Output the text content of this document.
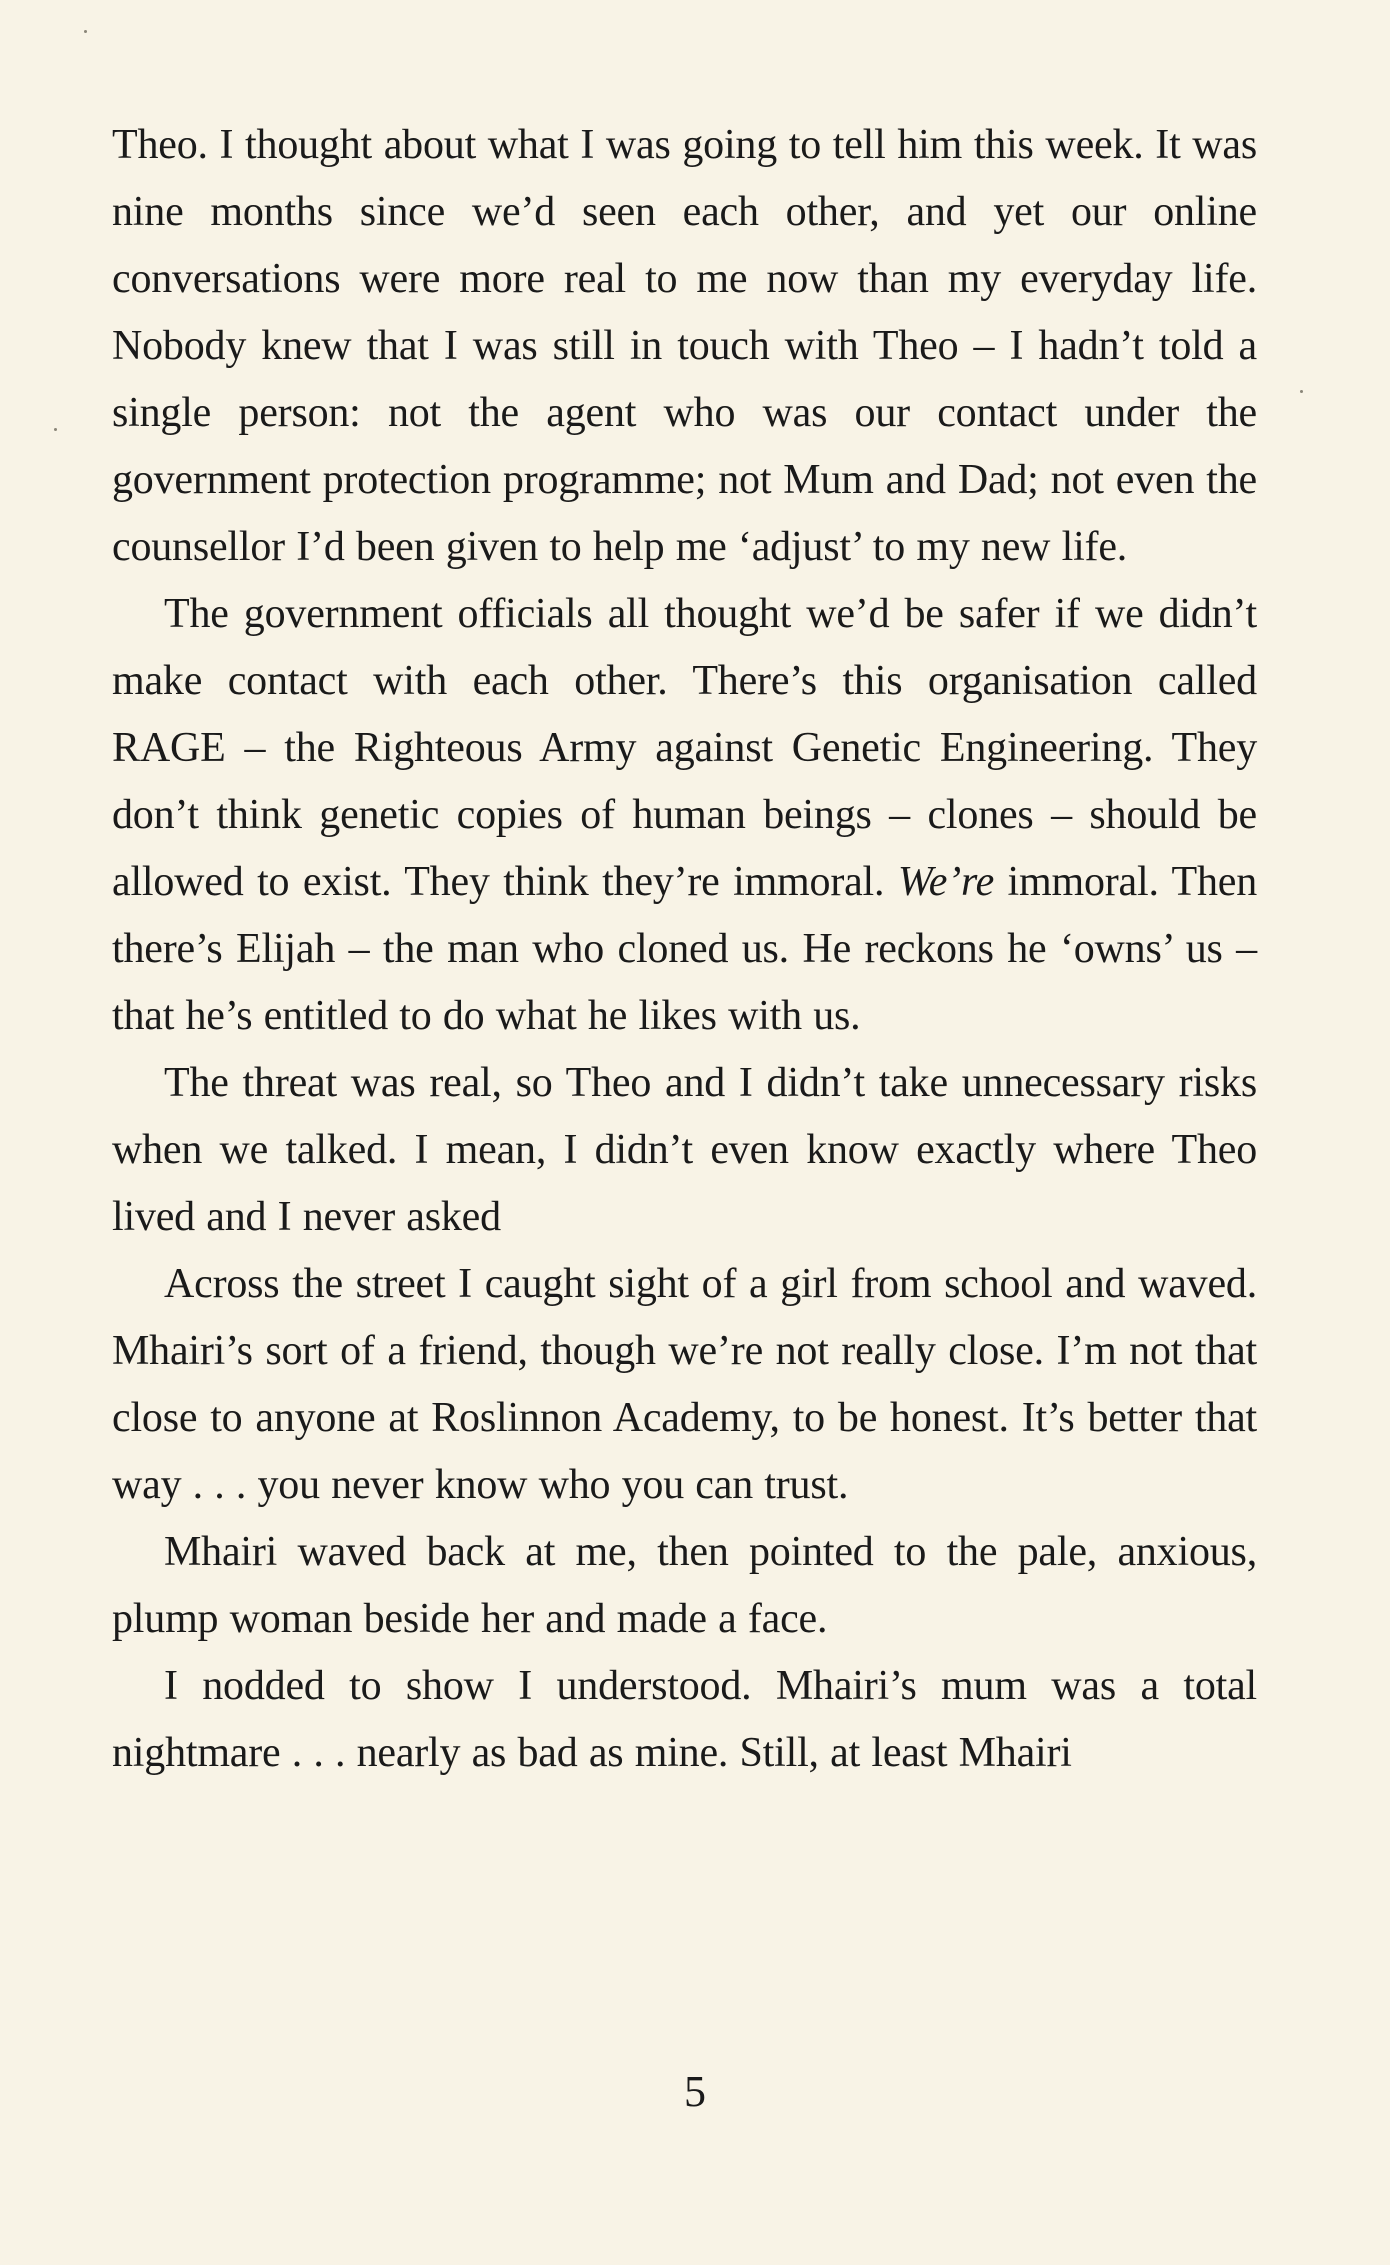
Theo. I thought about what I was going to tell him this week. It was nine months since we’d seen each other, and yet our online conversations were more real to me now than my everyday life. Nobody knew that I was still in touch with Theo – I hadn’t told a single person: not the agent who was our contact under the government protection programme; not Mum and Dad; not even the counsellor I’d been given to help me ‘adjust’ to my new life.

The government officials all thought we’d be safer if we didn’t make contact with each other. There’s this organisation called RAGE – the Righteous Army against Genetic Engineering. They don’t think genetic copies of human beings – clones – should be allowed to exist. They think they’re immoral. We’re immoral. Then there’s Elijah – the man who cloned us. He reckons he ‘owns’ us – that he’s entitled to do what he likes with us.

The threat was real, so Theo and I didn’t take unnecessary risks when we talked. I mean, I didn’t even know exactly where Theo lived and I never asked

Across the street I caught sight of a girl from school and waved. Mhairi’s sort of a friend, though we’re not really close. I’m not that close to anyone at Roslinnon Academy, to be honest. It’s better that way . . . you never know who you can trust.

Mhairi waved back at me, then pointed to the pale, anxious, plump woman beside her and made a face.

I nodded to show I understood. Mhairi’s mum was a total nightmare . . . nearly as bad as mine. Still, at least Mhairi

5
